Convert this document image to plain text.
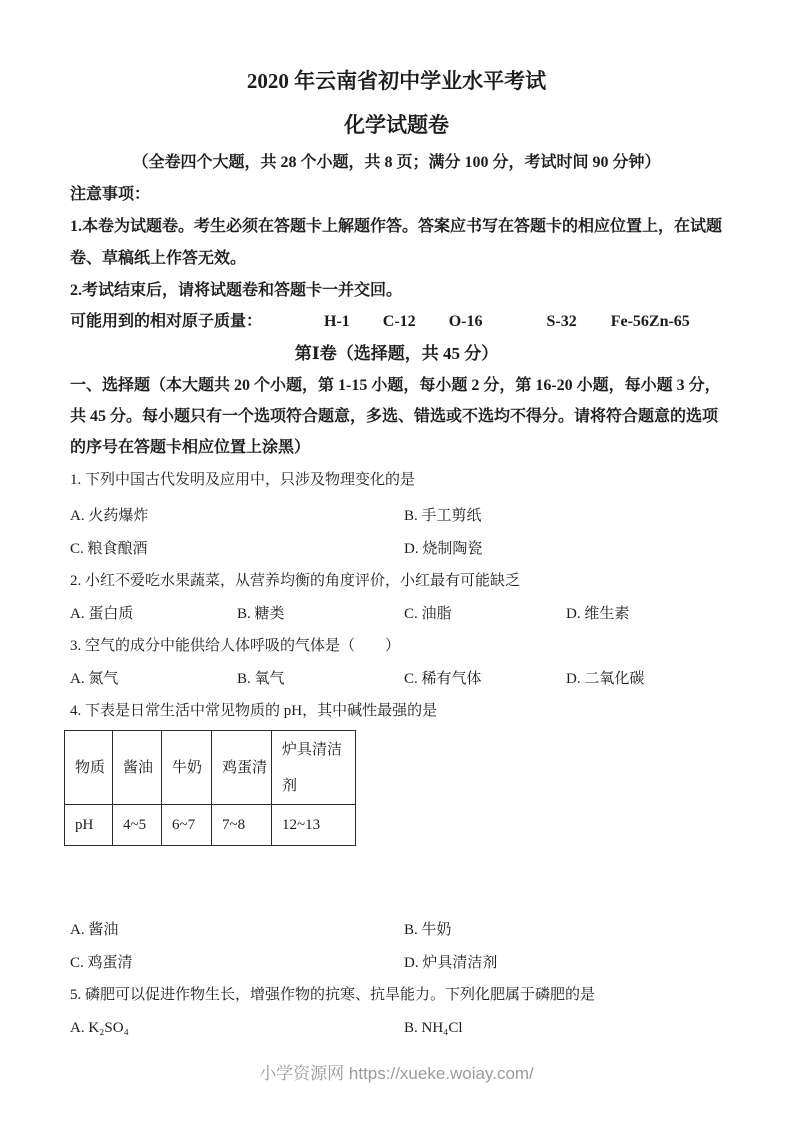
2020 年云南省初中学业水平考试
化学试题卷
（全卷四个大题，共 28 个小题，共 8 页；满分 100 分，考试时间 90 分钟）
注意事项：
1.本卷为试题卷。考生必须在答题卡上解题作答。答案应书写在答题卡的相应位置上，在试题
卷、草稿纸上作答无效。
2.考试结束后，请将试题卷和答题卡一并交回。
可能用到的相对原子质量：	H-1 C-12 O-16	S-32 Fe-56Zn-65
第Ⅰ卷（选择题，共 45 分）
一、选择题（本大题共 20 个小题，第 1-15 小题，每小题 2 分，第 16-20 小题，每小题 3 分，
共 45 分。每小题只有一个选项符合题意，多选、错选或不选均不得分。请将符合题意的选项
的序号在答题卡相应位置上涂黑）
1. 下列中国古代发明及应用中，只涉及物理变化的是
A. 火药爆炸	B. 手工剪纸
C. 粮食酿酒	D. 烧制陶瓷
2. 小红不爱吃水果蔬菜，从营养均衡的角度评价，小红最有可能缺乏
A. 蛋白质	B. 糖类	C. 油脂	D. 维生素
3. 空气的成分中能供给人体呼吸的气体是（　　）
A. 氮气	B. 氧气	C. 稀有气体	D. 二氧化碳
4. 下表是日常生活中常见物质的 pH，其中碱性最强的是
物质	酱油	牛奶	鸡蛋清	炉具清洁剂
pH	4~5	6~7	7~8	12~13
A. 酱油	B. 牛奶
C. 鸡蛋清	D. 炉具清洁剂
5. 磷肥可以促进作物生长，增强作物的抗寒、抗旱能力。下列化肥属于磷肥的是
A. K₂SO₄	B. NH₄Cl
小学资源网 https://xueke.woiay.com/
